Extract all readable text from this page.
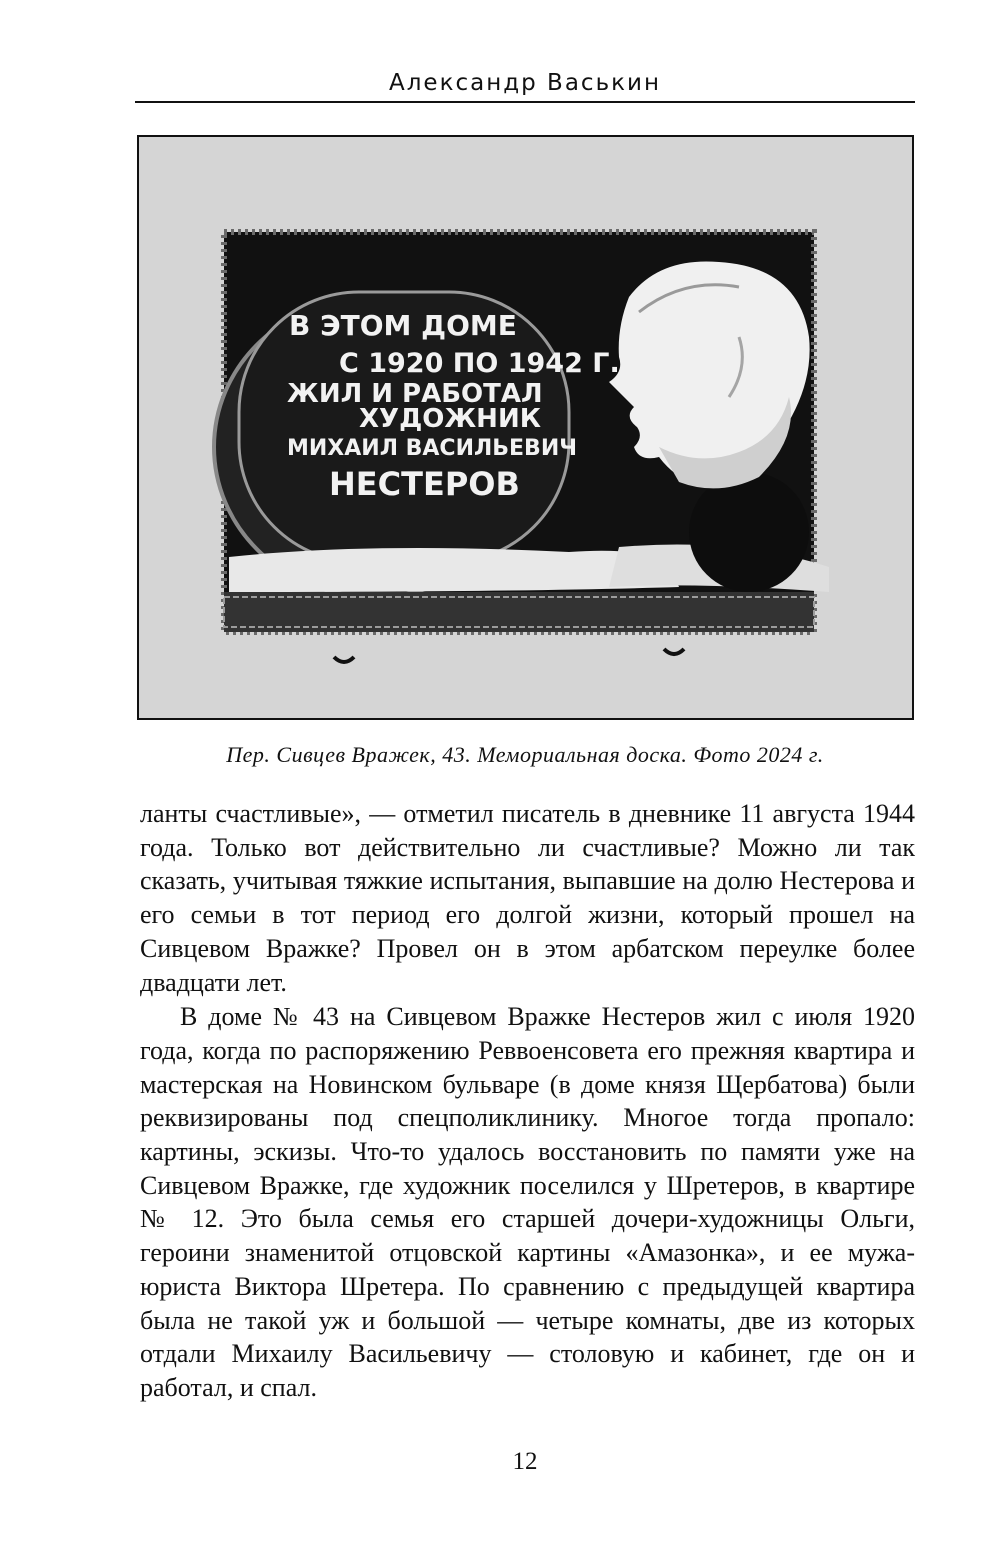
Александр Васькин
В ЭТОМ ДОМЕ
С 1920 ПО 1942 Г.
ЖИЛ И РАБОТАЛ
ХУДОЖНИК
МИХАИЛ ВАСИЛЬЕВИЧ
НЕСТЕРОВ
Пер. Сивцев Вражек, 43. Мемориальная доска. Фото 2024 г.

ланты счастливые», — отметил писатель в дневнике 11 августа 1944 года. Только вот действительно ли счастливые? Можно ли так сказать, учитывая тяжкие испытания, выпавшие на долю Нестерова и его семьи в тот период его долгой жизни, который прошел на Сивцевом Вражке? Провел он в этом арбатском переулке более двадцати лет.

В доме № 43 на Сивцевом Вражке Нестеров жил с июля 1920 года, когда по распоряжению Реввоенсовета его прежняя квартира и мастерская на Новинском бульваре (в доме князя Щербатова) были реквизированы под спецполиклинику. Многое тогда пропало: картины, эскизы. Что-то удалось восстановить по памяти уже на Сивцевом Вражке, где художник поселился у Шретеров, в квартире № 12. Это была семья его старшей дочери-художницы Ольги, героини знаменитой отцовской картины «Амазонка», и ее мужа-юриста Виктора Шретера. По сравнению с предыдущей квартира была не такой уж и большой — четыре комнаты, две из которых отдали Михаилу Васильевичу — столовую и кабинет, где он и работал, и спал.

12
